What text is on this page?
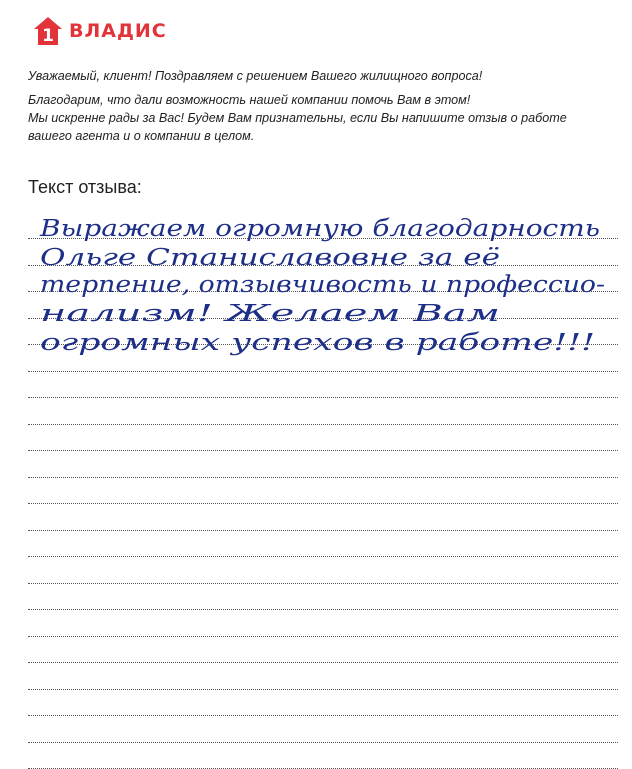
1 ВЛАДИС

Уважаемый, клиент! Поздравляем с решением Вашего жилищного вопроса!

Благодарим, что дали возможность нашей компании помочь Вам в этом!
Мы искренне рады за Вас! Будем Вам признательны, если Вы напишите отзыв о работе
вашего агента и о компании в целом.

Текст отзыва:
Выражаем огромную благодарность
Ольге Станиславовне за её
терпение, отзывчивость и профессио-
нализм! Желаем Вам
огромных успехов в работе!!!
